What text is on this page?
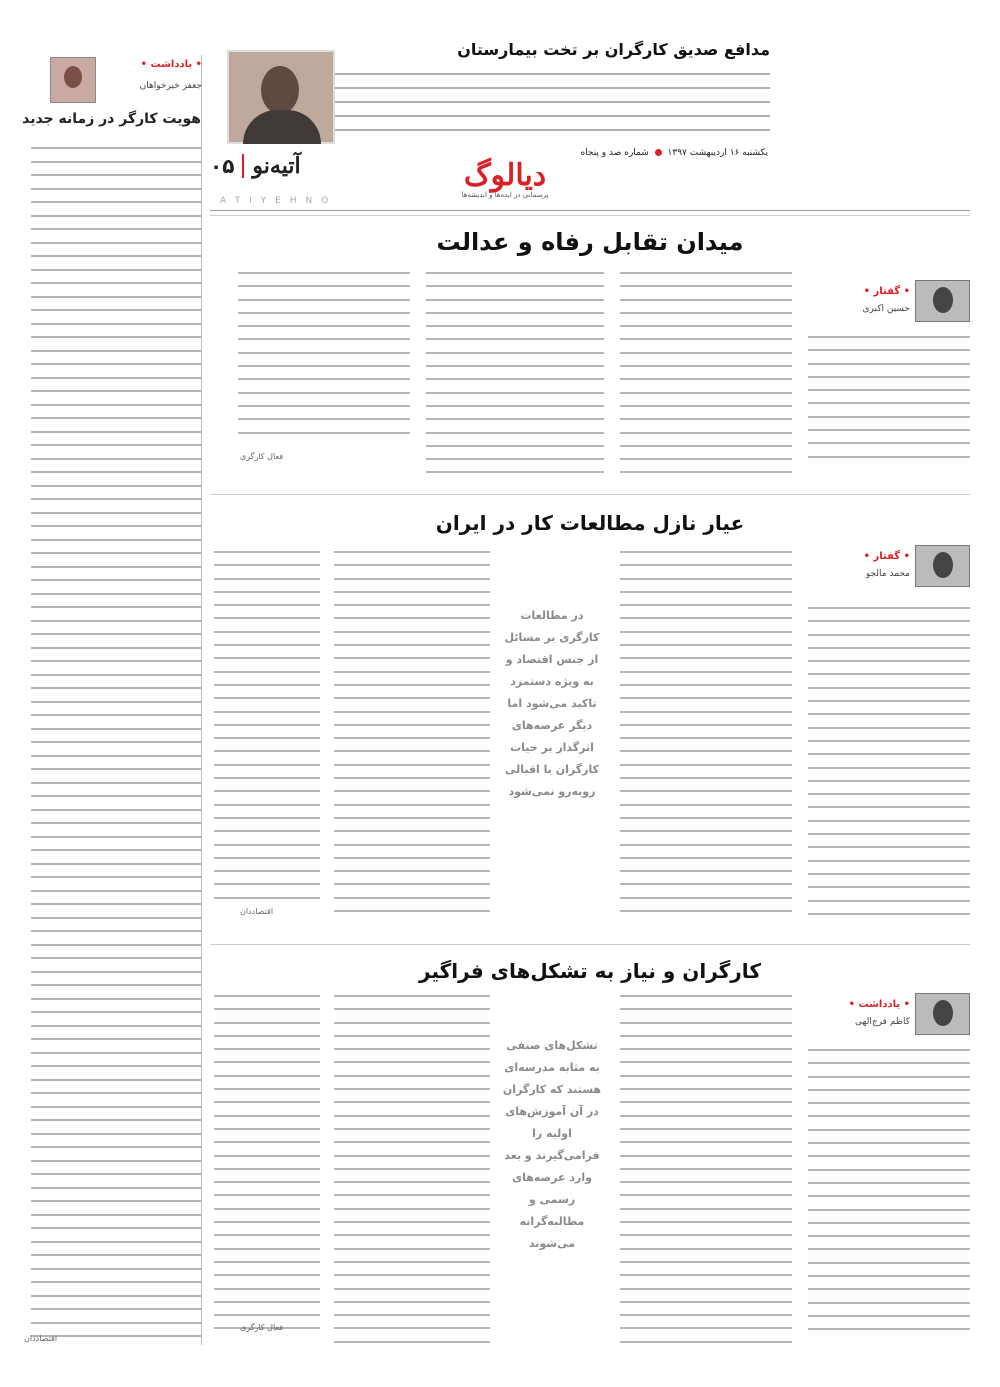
• یادداشت •
جعفر خیرخواهان
هویت کارگر در زمانه جدید
اقتصاددان
مدافع صدیق کارگران بر تخت بیمارستان
یکشنبه ۱۶ اردیبهشت ۱۳۹۷  شماره صد و پنجاه
دیالوگ
پرسمانی در ایده‌ها و اندیشه‌ها
۰۵ آتیه‌نو
ATIYEHNO
میدان تقابل رفاه و عدالت
• گفتار •
حسین اکبری
فعال کارگری
عیار نازل مطالعات کار در ایران
• گفتار •
محمد مالجو
در مطالعات کارگری بر مسائل از جنس اقتصاد و به ویژه دستمزد تاکید می‌شود اما دیگر عرصه‌های اثرگذار بر حیات کارگران با اقبالی روبه‌رو نمی‌شود
اقتصاددان
کارگران و نیاز به تشکل‌های فراگیر
• یادداشت •
کاظم فرج‌الهی
تشکل‌های صنفی به مثابه مدرسه‌ای هستند که کارگران در آن آموزش‌های اولیه را فرامی‌گیرند و بعد وارد عرصه‌های رسمی و مطالبه‌گرانه می‌شوند
فعال کارگری
